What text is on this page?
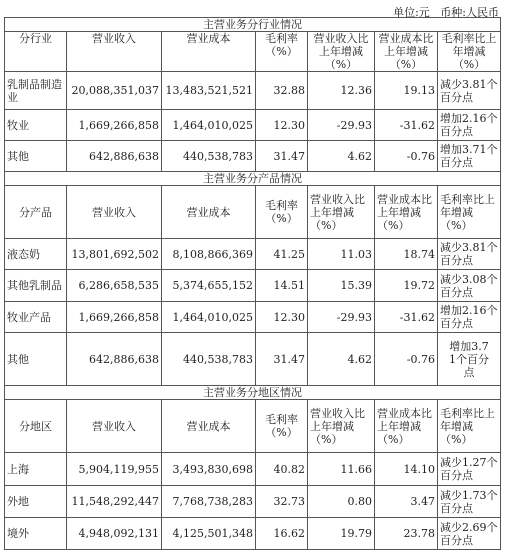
单位:元   币种:人民币
主营业务分行业情况						
分行业	营业收入	营业成本	毛利率（%）	营业收入比上年增减（%）	营业成本比上年增减（%）	毛利率比上年增减（%）

乳制品制造业	20,088,351,037	13,483,521,521	32.88	12.36	19.13	减少3.81个百分点
牧业	1,669,266,858	1,464,010,025	12.30	-29.93	-31.62	增加2.16个百分点
其他	642,886,638	440,538,783	31.47	4.62	-0.76	增加3.71个百分点
主营业务分产品情况						
分产品	营业收入	营业成本	毛利率（%）	营业收入比上年增减（%）	营业成本比上年增减（%）	毛利率比上年增减（%）
液态奶	13,801,692,502	8,108,866,369	41.25	11.03	18.74	减少3.81个百分点
其他乳制品	6,286,658,535	5,374,655,152	14.51	15.39	19.72	减少3.08个百分点
牧业产品	1,669,266,858	1,464,010,025	12.30	-29.93	-31.62	增加2.16个百分点
其他	642,886,638	440,538,783	31.47	4.62	-0.76	增加3.71个百分点
主营业务分地区情况						
分地区	营业收入	营业成本	毛利率（%）	营业收入比上年增减（%）	营业成本比上年增减（%）	毛利率比上年增减（%）
上海	5,904,119,955	3,493,830,698	40.82	11.66	14.10	减少1.27个百分点
外地	11,548,292,447	7,768,738,283	32.73	0.80	3.47	减少1.73个百分点
境外	4,948,092,131	4,125,501,348	16.62	19.79	23.78	减少2.69个百分点
